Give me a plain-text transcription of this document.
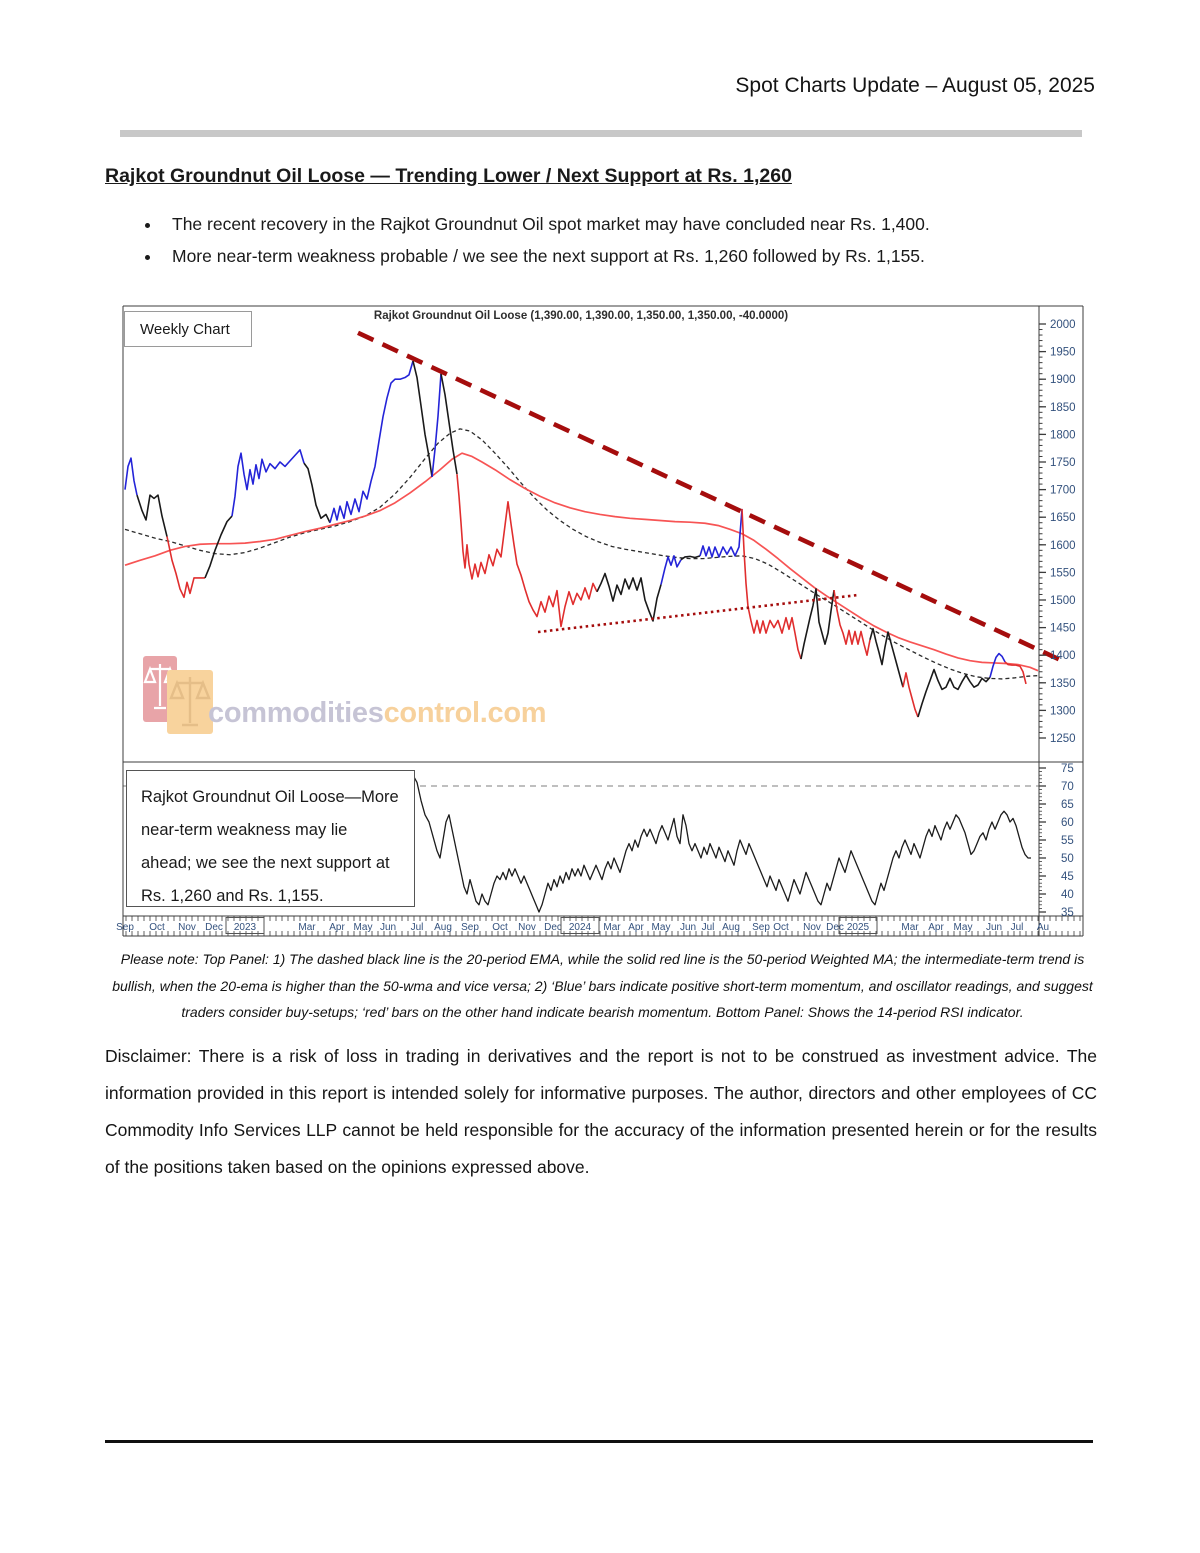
Spot Charts Update – August 05, 2025
Rajkot Groundnut Oil Loose — Trending Lower / Next Support at Rs. 1,260
• The recent recovery in the Rajkot Groundnut Oil spot market may have concluded near Rs. 1,400.
• More near-term weakness probable / we see the next support at Rs. 1,260 followed by Rs. 1,155.
commoditiescontrol.com
2000
1950
1900
1850
1800
1750
1700
1650
1600
1550
1500
1450
1400
1350
1300
1250
75
70
65
60
55
50
45
40
35
Sep Oct Nov Dec 2023	Mar Apr May Jun Jul Aug Sep Oct Nov Dec 2024 Mar Apr May Jun Jul Aug Sep Oct Nov Dec 2025	Mar Apr May Jun Jul Au
Rajkot Groundnut Oil Loose (1,390.00, 1,390.00, 1,350.00, 1,350.00, -40.0000)
Weekly Chart
Rajkot Groundnut Oil Loose—More near-term weakness may lie ahead; we see the next support at Rs. 1,260 and Rs. 1,155.
Please note: Top Panel: 1) The dashed black line is the 20-period EMA, while the solid red line is the 50-period Weighted MA; the intermediate-term trend is bullish, when the 20-ema is higher than the 50-wma and vice versa; 2) ‘Blue’ bars indicate positive short-term momentum, and oscillator readings, and suggest traders consider buy-setups; ‘red’ bars on the other hand indicate bearish momentum. Bottom Panel: Shows the 14-period RSI indicator.
Disclaimer: There is a risk of loss in trading in derivatives and the report is not to be construed as investment advice. The information provided in this report is intended solely for informative purposes. The author, directors and other employees of CC Commodity Info Services LLP cannot be held responsible for the accuracy of the information presented herein or for the results of the positions taken based on the opinions expressed above.
